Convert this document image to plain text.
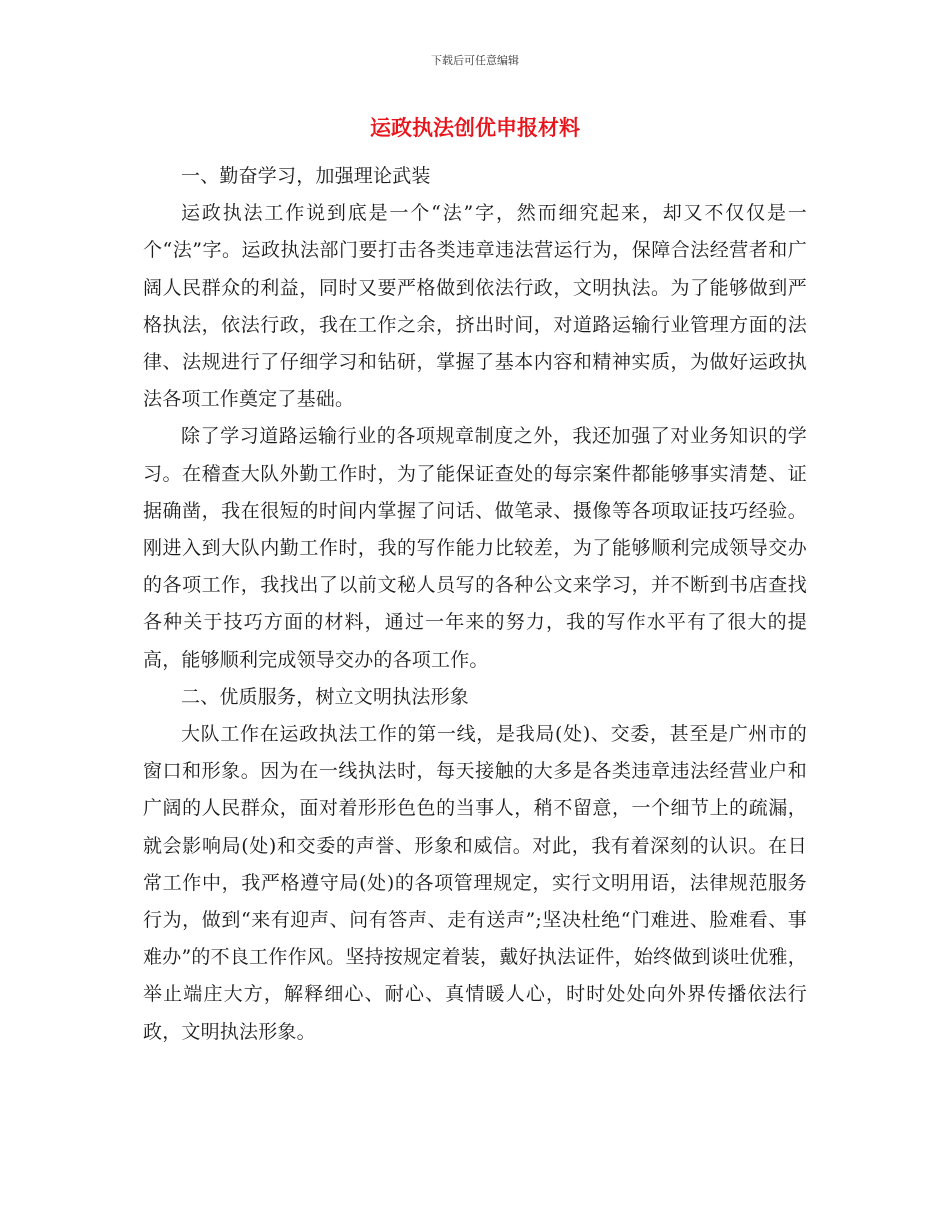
下载后可任意编辑
运政执法创优申报材料

一、勤奋学习，加强理论武装

运政执法工作说到底是一个“法”字，然而细究起来，却又不仅仅是一个“法”字。运政执法部门要打击各类违章违法营运行为，保障合法经营者和广阔人民群众的利益，同时又要严格做到依法行政，文明执法。为了能够做到严格执法，依法行政，我在工作之余，挤出时间，对道路运输行业管理方面的法律、法规进行了仔细学习和钻研，掌握了基本内容和精神实质，为做好运政执法各项工作奠定了基础。

除了学习道路运输行业的各项规章制度之外，我还加强了对业务知识的学习。在稽查大队外勤工作时，为了能保证查处的每宗案件都能够事实清楚、证据确凿，我在很短的时间内掌握了问话、做笔录、摄像等各项取证技巧经验。刚进入到大队内勤工作时，我的写作能力比较差，为了能够顺利完成领导交办的各项工作，我找出了以前文秘人员写的各种公文来学习，并不断到书店查找各种关于技巧方面的材料，通过一年来的努力，我的写作水平有了很大的提高，能够顺利完成领导交办的各项工作。

二、优质服务，树立文明执法形象

大队工作在运政执法工作的第一线，是我局(处)、交委，甚至是广州市的窗口和形象。因为在一线执法时，每天接触的大多是各类违章违法经营业户和广阔的人民群众，面对着形形色色的当事人，稍不留意，一个细节上的疏漏，就会影响局(处)和交委的声誉、形象和威信。对此，我有着深刻的认识。在日常工作中，我严格遵守局(处)的各项管理规定，实行文明用语，法律规范服务行为，做到“来有迎声、问有答声、走有送声”;坚决杜绝“门难进、脸难看、事难办”的不良工作作风。坚持按规定着装，戴好执法证件，始终做到谈吐优雅，举止端庄大方，解释细心、耐心、真情暖人心，时时处处向外界传播依法行政，文明执法形象。
